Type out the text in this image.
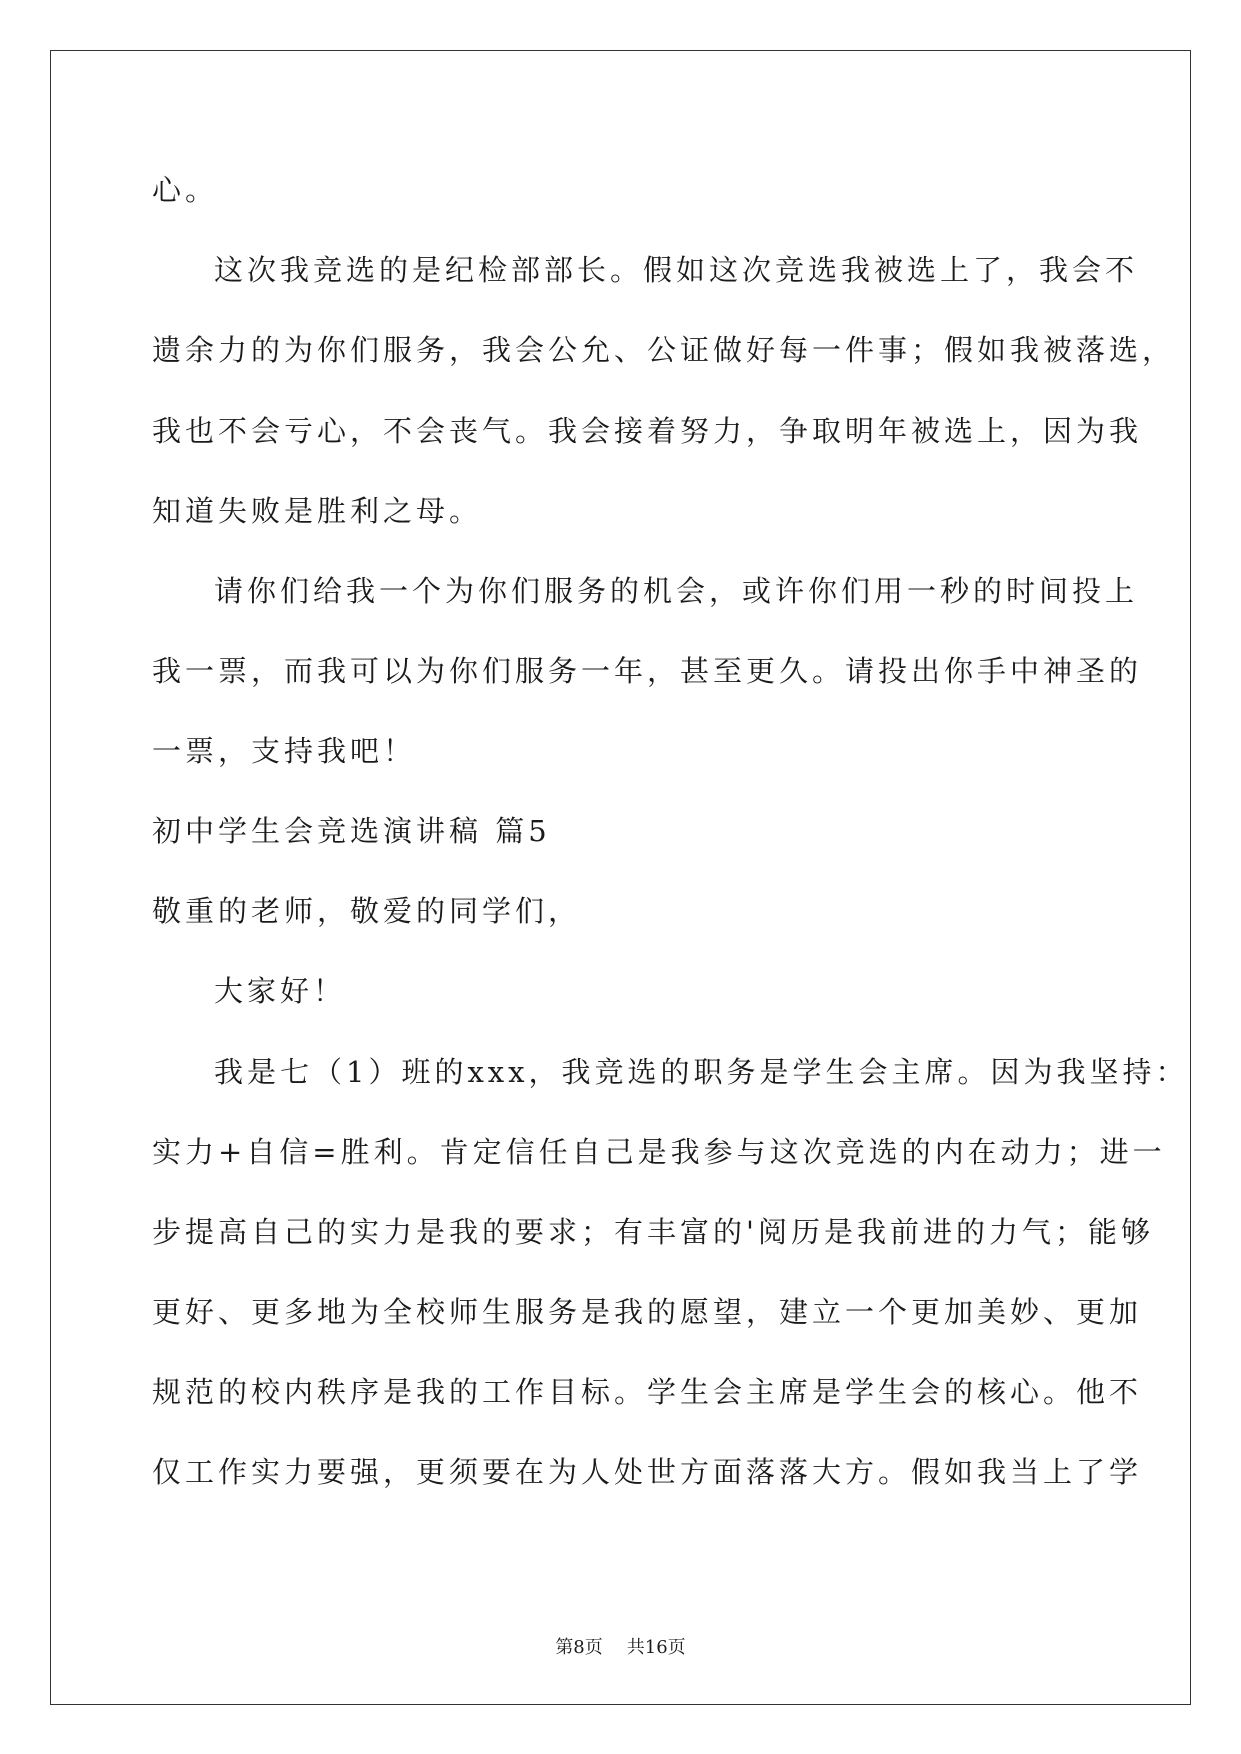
心。
这次我竞选的是纪检部部长。假如这次竞选我被选上了，我会不
遗余力的为你们服务，我会公允、公证做好每一件事；假如我被落选，
我也不会亏心，不会丧气。我会接着努力，争取明年被选上，因为我
知道失败是胜利之母。
请你们给我一个为你们服务的机会，或许你们用一秒的时间投上
我一票，而我可以为你们服务一年，甚至更久。请投出你手中神圣的
一票，支持我吧！
初中学生会竞选演讲稿 篇5
敬重的老师，敬爱的同学们，
大家好！
我是七（1）班的xxx，我竞选的职务是学生会主席。因为我坚持：
实力+自信=胜利。肯定信任自己是我参与这次竞选的内在动力；进一
步提高自己的实力是我的要求；有丰富的'阅历是我前进的力气；能够
更好、更多地为全校师生服务是我的愿望，建立一个更加美妙、更加
规范的校内秩序是我的工作目标。学生会主席是学生会的核心。他不
仅工作实力要强，更须要在为人处世方面落落大方。假如我当上了学
第8页 共16页
